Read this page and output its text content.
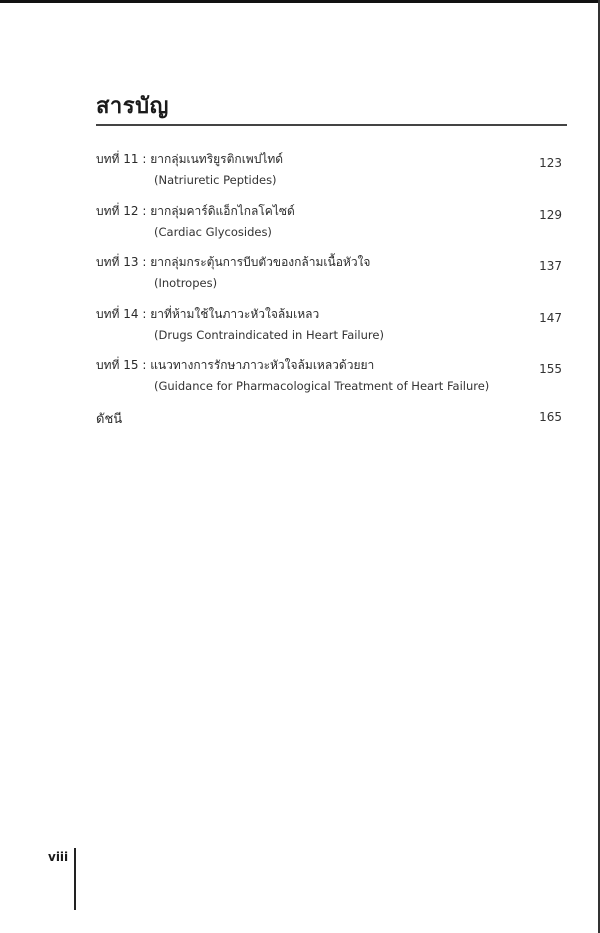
สารบัญ
บทที่ 11 : ยากลุ่มเนทริยูรติกเพปไทด์	123
(Natriuretic Peptides)
บทที่ 12 : ยากลุ่มคาร์ดิแอ็กไกลโคไซด์	129
(Cardiac Glycosides)
บทที่ 13 : ยากลุ่มกระตุ้นการบีบตัวของกล้ามเนื้อหัวใจ	137
(Inotropes)
บทที่ 14 : ยาที่ห้ามใช้ในภาวะหัวใจล้มเหลว	147
(Drugs Contraindicated in Heart Failure)
บทที่ 15 : แนวทางการรักษาภาวะหัวใจล้มเหลวด้วยยา	155
(Guidance for Pharmacological Treatment of Heart Failure)
ดัชนี	165
viii
